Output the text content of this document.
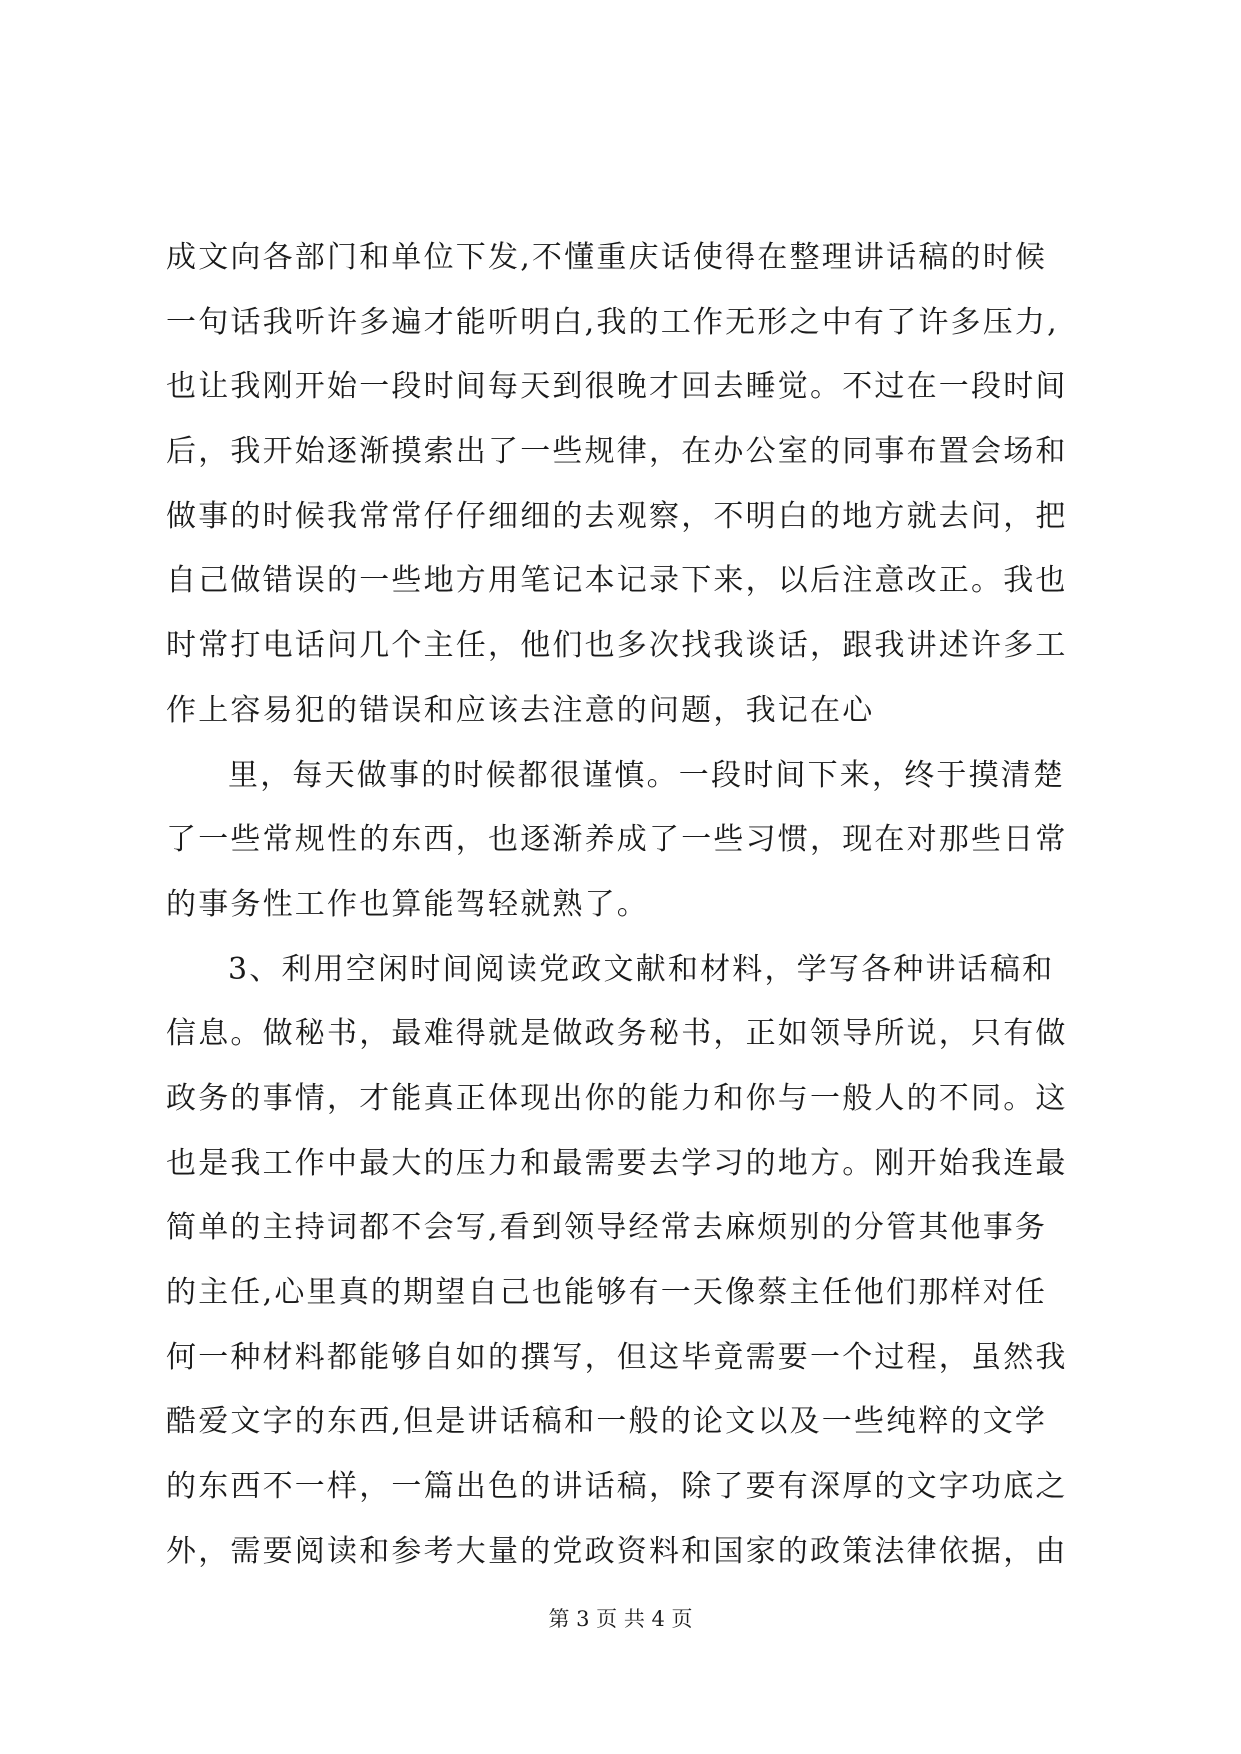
成文向各部门和单位下发,不懂重庆话使得在整理讲话稿的时候
一句话我听许多遍才能听明白,我的工作无形之中有了许多压力,
也让我刚开始一段时间每天到很晚才回去睡觉。不过在一段时间
后，我开始逐渐摸索出了一些规律，在办公室的同事布置会场和
做事的时候我常常仔仔细细的去观察，不明白的地方就去问，把
自己做错误的一些地方用笔记本记录下来，以后注意改正。我也
时常打电话问几个主任，他们也多次找我谈话，跟我讲述许多工
作上容易犯的错误和应该去注意的问题，我记在心
里，每天做事的时候都很谨慎。一段时间下来，终于摸清楚
了一些常规性的东西，也逐渐养成了一些习惯，现在对那些日常
的事务性工作也算能驾轻就熟了。
3、利用空闲时间阅读党政文献和材料，学写各种讲话稿和
信息。做秘书，最难得就是做政务秘书，正如领导所说，只有做
政务的事情，才能真正体现出你的能力和你与一般人的不同。这
也是我工作中最大的压力和最需要去学习的地方。刚开始我连最
简单的主持词都不会写,看到领导经常去麻烦别的分管其他事务
的主任,心里真的期望自己也能够有一天像蔡主任他们那样对任
何一种材料都能够自如的撰写，但这毕竟需要一个过程，虽然我
酷爱文字的东西,但是讲话稿和一般的论文以及一些纯粹的文学
的东西不一样，一篇出色的讲话稿，除了要有深厚的文字功底之
外，需要阅读和参考大量的党政资料和国家的政策法律依据，由
第 3 页 共 4 页
